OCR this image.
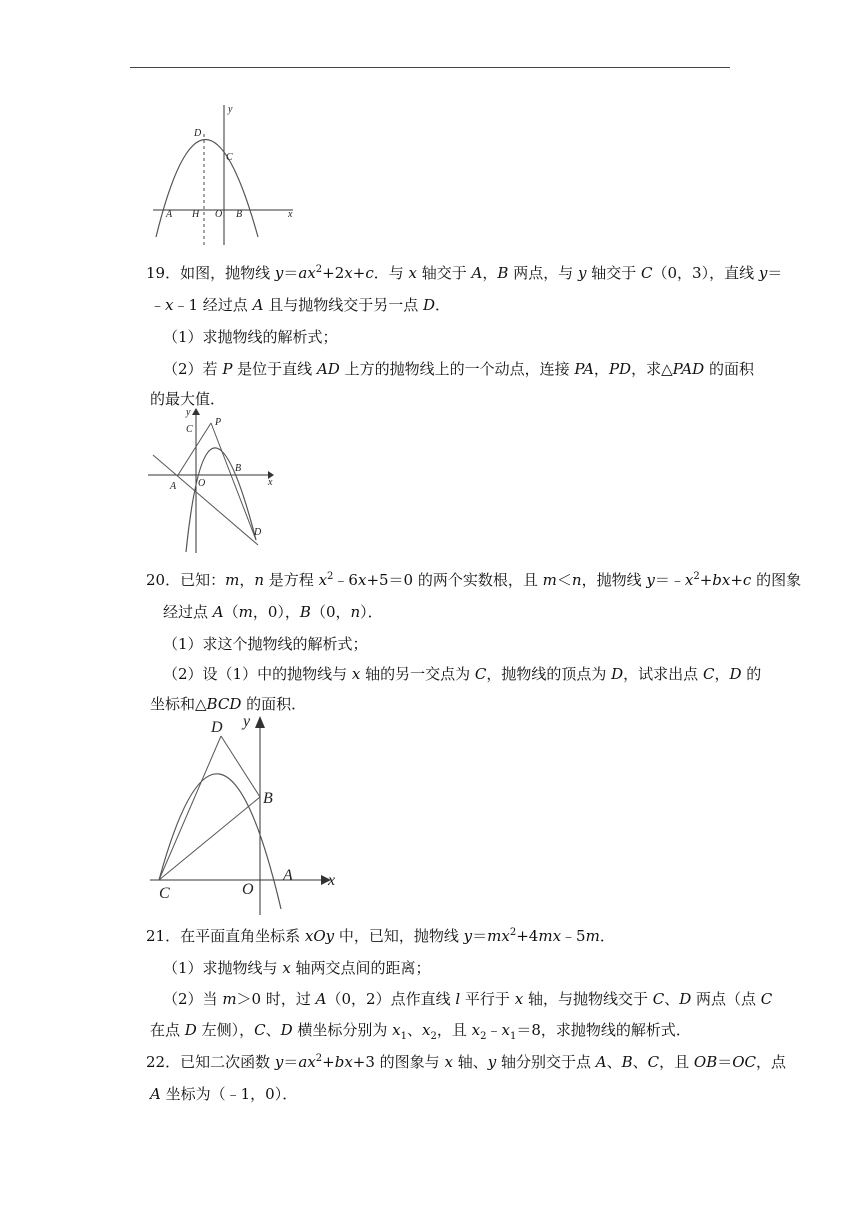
y
D
C
A H O B	x
19．如图，抛物线 $y=ax^2+2x+c$．与 x 轴交于 A，B 两点，与 y 轴交于 C（0，3），直线 y＝
﹣x﹣1 经过点 A 且与抛物线交于另一点 D．
（1）求抛物线的解析式；
（2）若 P 是位于直线 AD 上方的抛物线上的一个动点，连接 PA，PD，求△PAD 的面积
的最大值．
y
C
P
B
A O	x
D
20．已知：m，n 是方程 $x^2﹣6x+5=0$ 的两个实数根，且 m＜n，抛物线 $y=﹣x^2+bx+c$ 的图象
经过点 A（m，0），B（0，n）．
（1）求这个抛物线的解析式；
（2）设（1）中的抛物线与 x 轴的另一交点为 C，抛物线的顶点为 D，试求出点 C，D 的
坐标和△BCD 的面积．
D y
B
A
C	O
x
21．在平面直角坐标系 xOy 中，已知，抛物线 $y=mx^2+4mx﹣5m$．
（1）求抛物线与 x 轴两交点间的距离；
（2）当 m＞0 时，过 A（0，2）点作直线 l 平行于 x 轴，与抛物线交于 C、D 两点（点 C
在点 D 左侧），C、D 横坐标分别为 $x_1$、$x_2$，且 $x_2﹣x_1=8$，求抛物线的解析式．
22．已知二次函数 $y=ax^2+bx+3$ 的图象与 x 轴、y 轴分别交于点 A、B、C，且 OB＝OC，点
A 坐标为（﹣1，0）．
